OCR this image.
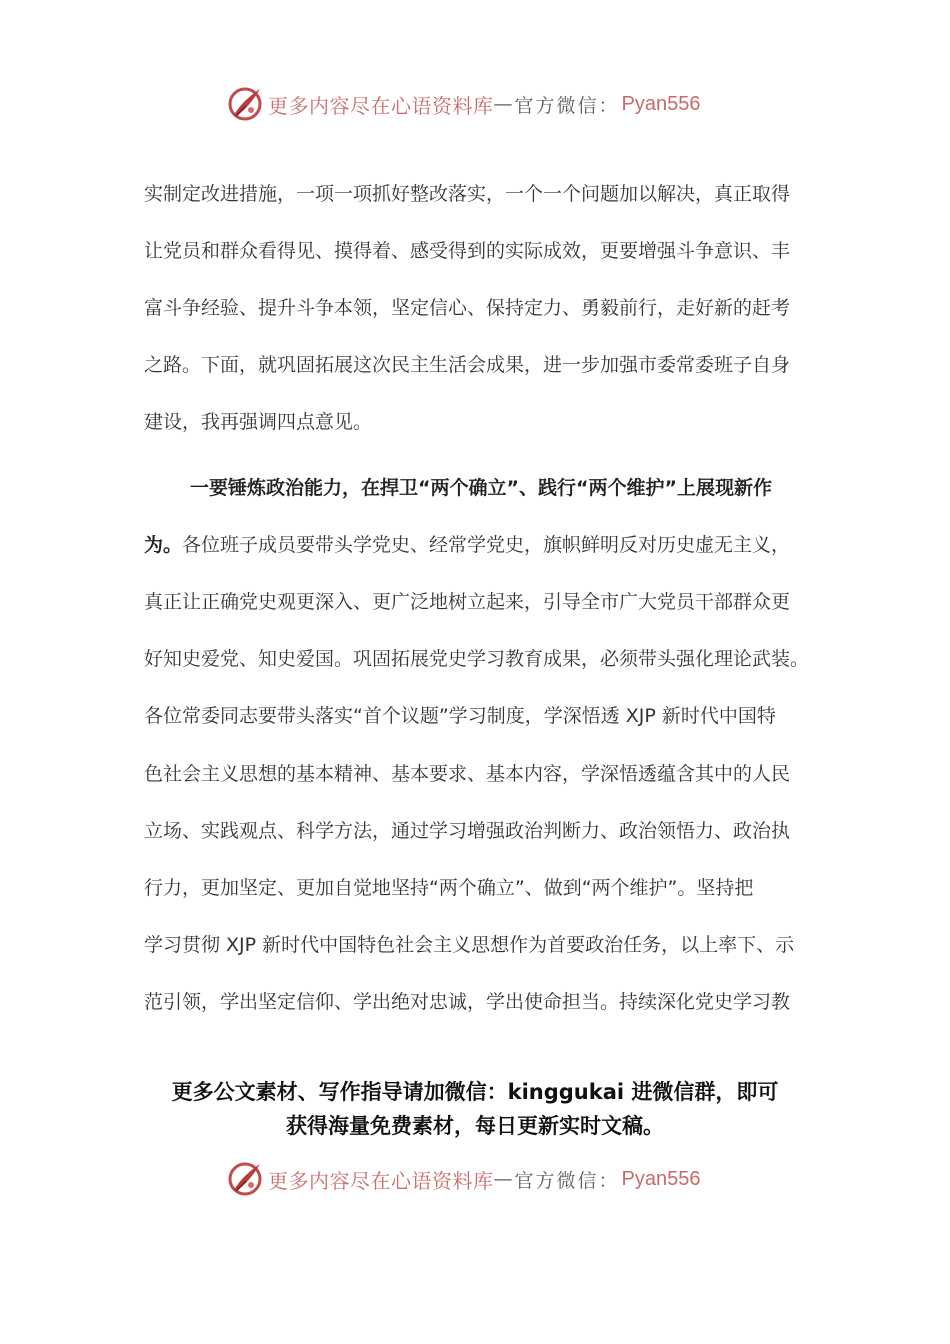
更多内容尽在心语资料库 — 官方微信： Pyan556
实制定改进措施，一项一项抓好整改落实，一个一个问题加以解决，真正取得
让党员和群众看得见、摸得着、感受得到的实际成效，更要增强斗争意识、丰
富斗争经验、提升斗争本领，坚定信心、保持定力、勇毅前行，走好新的赶考
之路。下面，就巩固拓展这次民主生活会成果，进一步加强市委常委班子自身
建设，我再强调四点意见。
一要锤炼政治能力，在捍卫“两个确立”、践行“两个维护”上展现新作
为。各位班子成员要带头学党史、经常学党史，旗帜鲜明反对历史虚无主义，
真正让正确党史观更深入、更广泛地树立起来，引导全市广大党员干部群众更
好知史爱党、知史爱国。巩固拓展党史学习教育成果，必须带头强化理论武装。
各位常委同志要带头落实“首个议题”学习制度，学深悟透 XJP 新时代中国特
色社会主义思想的基本精神、基本要求、基本内容，学深悟透蕴含其中的人民
立场、实践观点、科学方法，通过学习增强政治判断力、政治领悟力、政治执
行力，更加坚定、更加自觉地坚持“两个确立”、做到“两个维护”。坚持把
学习贯彻 XJP 新时代中国特色社会主义思想作为首要政治任务，以上率下、示
范引领，学出坚定信仰、学出绝对忠诚，学出使命担当。持续深化党史学习教
更多公文素材、写作指导请加微信：kinggukai 进微信群，即可
获得海量免费素材，每日更新实时文稿。
更多内容尽在心语资料库 — 官方微信： Pyan556
